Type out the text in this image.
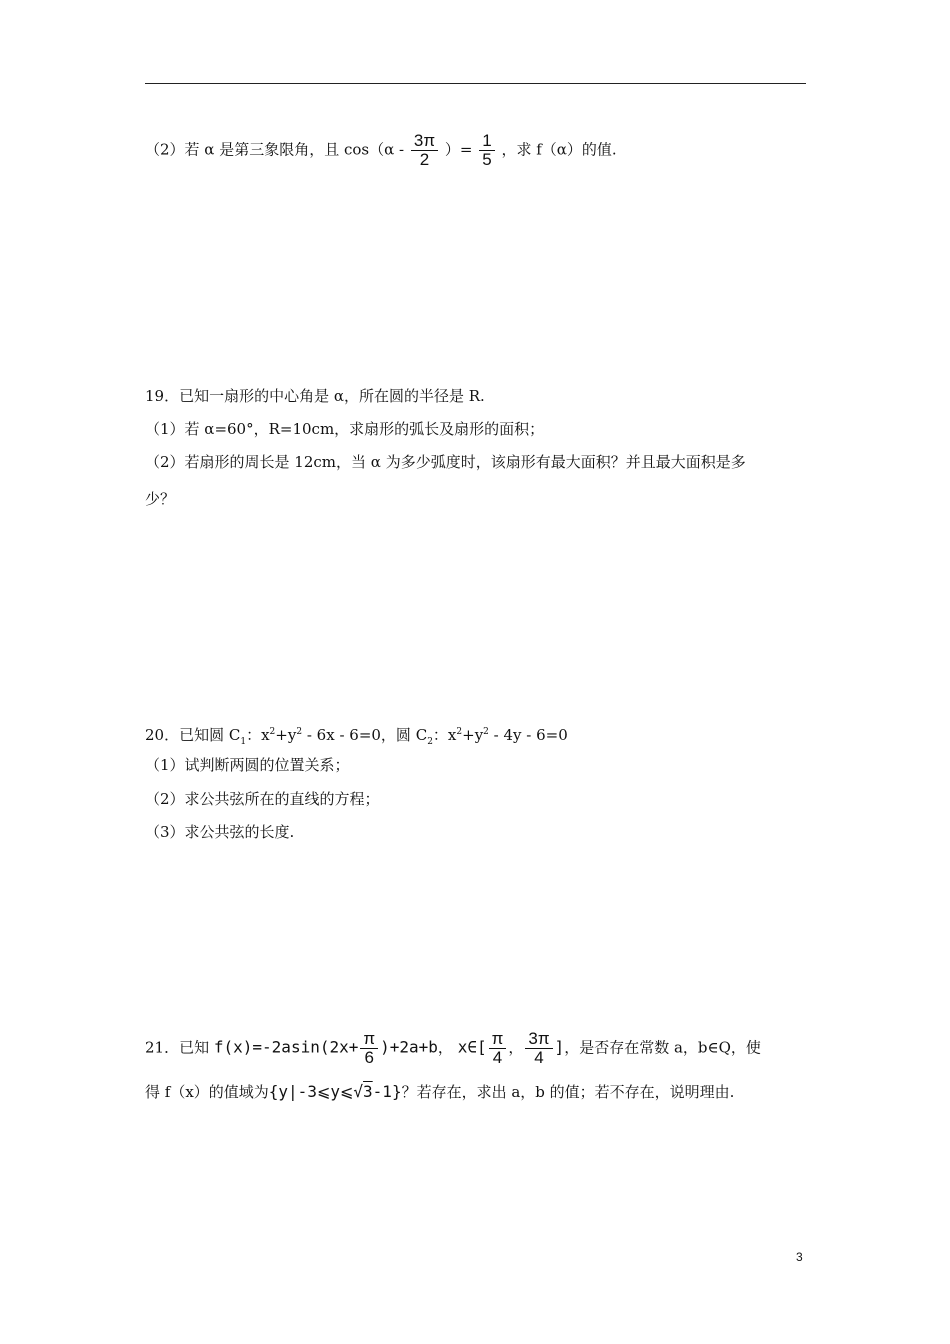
（2）若 α 是第三象限角，且 $\cos(\alpha - \frac{3\pi}{2}$ ）= $\frac{1}{5}$ ，求 f（α）的值.
19．已知一扇形的中心角是 α，所在圆的半径是 R.
（1）若 α=60°，R=10cm，求扇形的弧长及扇形的面积；
（2）若扇形的周长是 12cm，当 α 为多少弧度时，该扇形有最大面积？并且最大面积是多
少？
20．已知圆 $C_1$：$x^2+y^2 - 6x - 6=0$，圆 $C_2$：$x^2+y^2 - 4y - 6=0$
（1）试判断两圆的位置关系；
（2）求公共弦所在的直线的方程；
（3）求公共弦的长度.
21．已知 $f(x)=-2asin(2x+ \frac{\pi}{6} )+2a+b$， x∈[ $\frac{\pi}{4}$ ， $\frac{3\pi}{4}$ ]，是否存在常数 a，b∈Q，使
得 f（x）的值域为{y|-3⩽y⩽√3-1}？若存在，求出 a，b 的值；若不存在，说明理由.
3
